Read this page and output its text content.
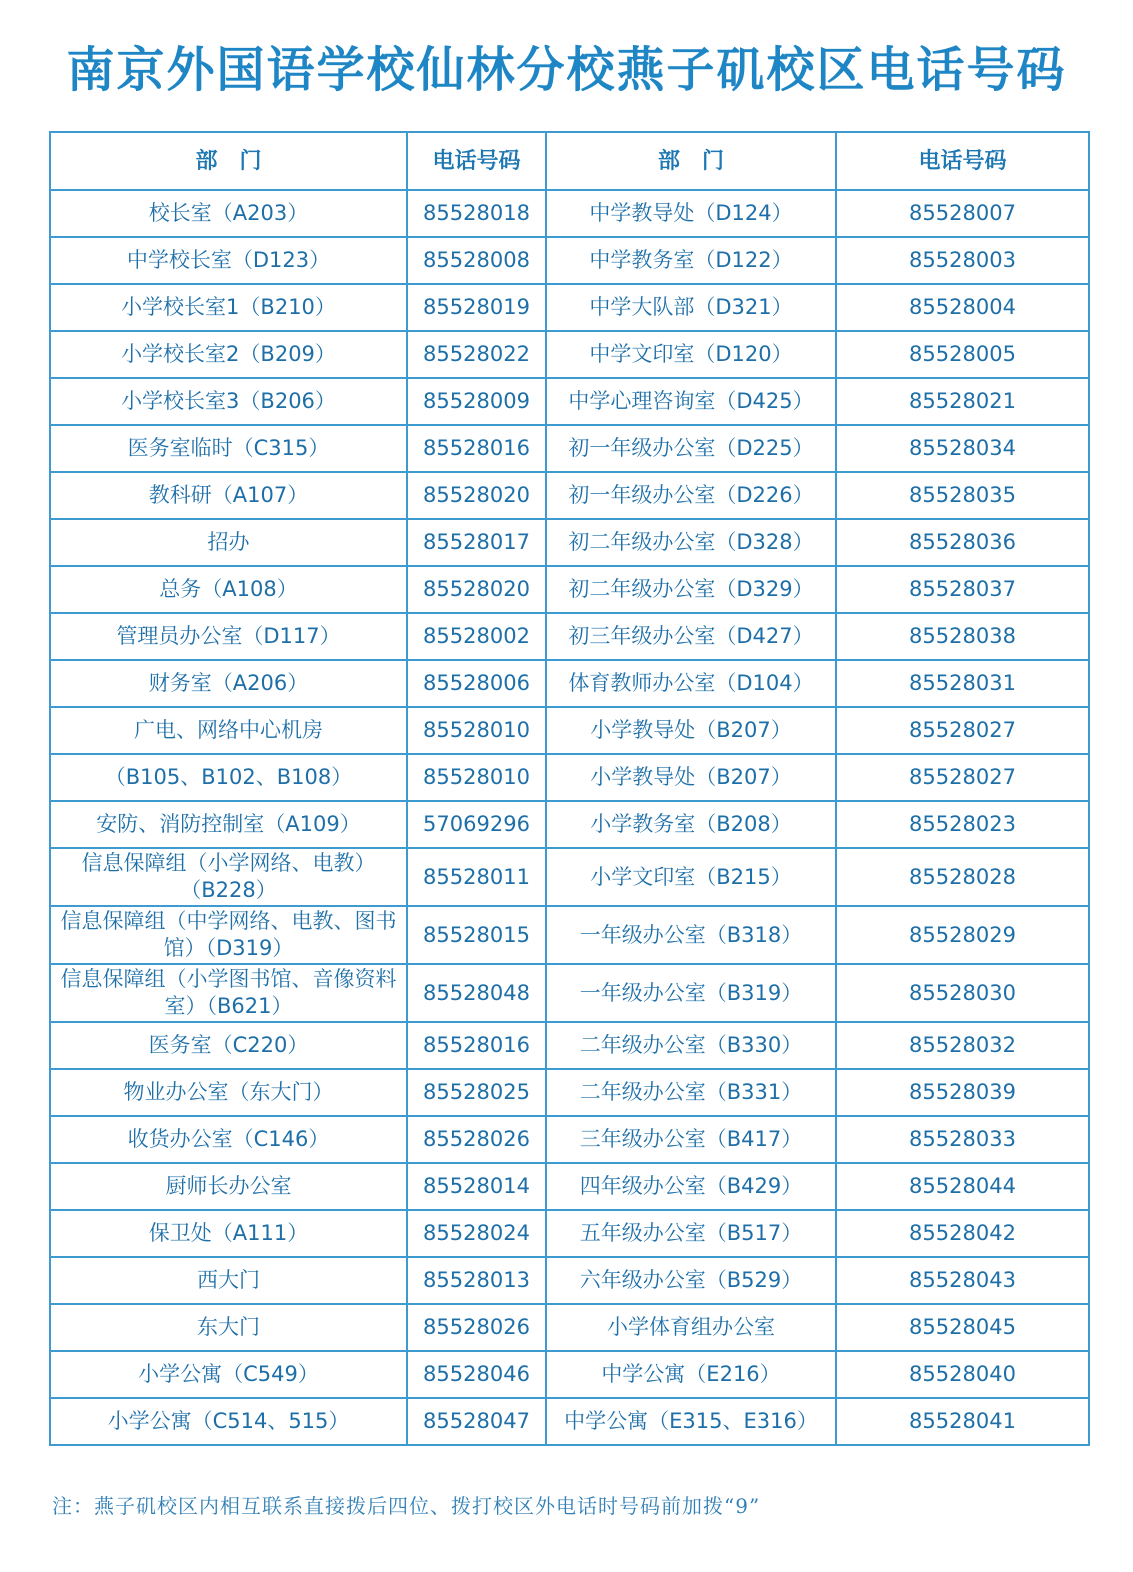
南京外国语学校仙林分校燕子矶校区电话号码
部　门	电话号码	部　门	电话号码
校长室（A203）	85528018	中学教导处（D124）	85528007
中学校长室（D123）	85528008	中学教务室（D122）	85528003
小学校长室1（B210）	85528019	中学大队部（D321）	85528004
小学校长室2（B209）	85528022	中学文印室（D120）	85528005
小学校长室3（B206）	85528009	中学心理咨询室（D425）	85528021
医务室临时（C315）	85528016	初一年级办公室（D225）	85528034
教科研（A107）	85528020	初一年级办公室（D226）	85528035
招办	85528017	初二年级办公室（D328）	85528036
总务（A108）	85528020	初二年级办公室（D329）	85528037
管理员办公室（D117）	85528002	初三年级办公室（D427）	85528038
财务室（A206）	85528006	体育教师办公室（D104）	85528031
广电、网络中心机房	85528010	小学教导处（B207）	85528027
（B105、B102、B108）	85528010	小学教导处（B207）	85528027
安防、消防控制室（A109）	57069296	小学教务室（B208）	85528023
信息保障组（小学网络、电教）（B228）	85528011	小学文印室（B215）	85528028
信息保障组（中学网络、电教、图书馆）（D319）	85528015	一年级办公室（B318）	85528029
信息保障组（小学图书馆、音像资料室）（B621）	85528048	一年级办公室（B319）	85528030
医务室（C220）	85528016	二年级办公室（B330）	85528032
物业办公室（东大门）	85528025	二年级办公室（B331）	85528039
收货办公室（C146）	85528026	三年级办公室（B417）	85528033
厨师长办公室	85528014	四年级办公室（B429）	85528044
保卫处（A111）	85528024	五年级办公室（B517）	85528042
西大门	85528013	六年级办公室（B529）	85528043
东大门	85528026	小学体育组办公室	85528045
小学公寓（C549）	85528046	中学公寓（E216）	85528040
小学公寓（C514、515）	85528047	中学公寓（E315、E316）	85528041
注：燕子矶校区内相互联系直接拨后四位、拨打校区外电话时号码前加拨“9”
